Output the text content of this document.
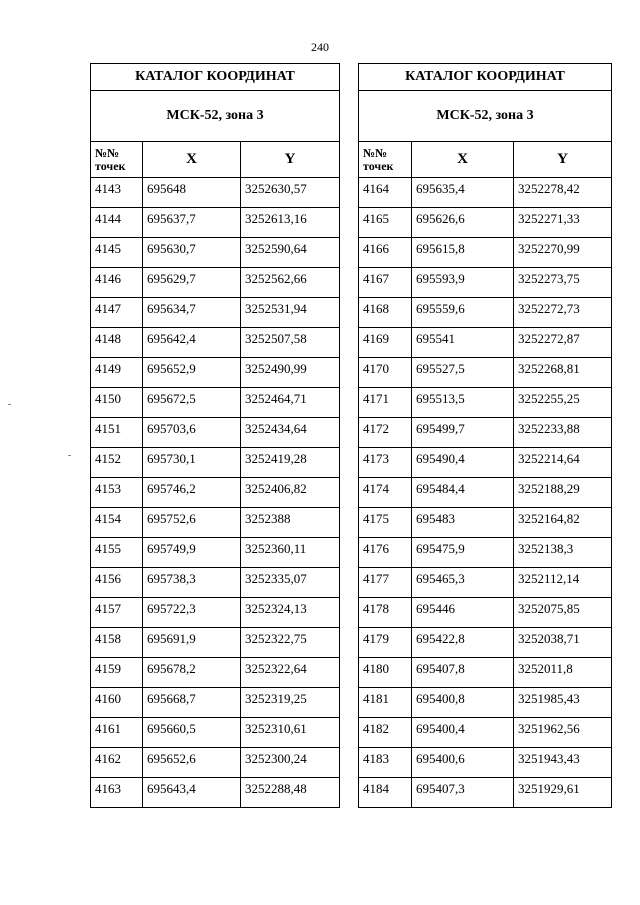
240
КАТАЛОГ КООРДИНАТ		
МСК-52, зона 3		
№№
точек	X	Y
4143	695648	3252630,57
4144	695637,7	3252613,16
4145	695630,7	3252590,64
4146	695629,7	3252562,66
4147	695634,7	3252531,94
4148	695642,4	3252507,58
4149	695652,9	3252490,99
4150	695672,5	3252464,71
4151	695703,6	3252434,64
4152	695730,1	3252419,28
4153	695746,2	3252406,82
4154	695752,6	3252388
4155	695749,9	3252360,11
4156	695738,3	3252335,07
4157	695722,3	3252324,13
4158	695691,9	3252322,75
4159	695678,2	3252322,64
4160	695668,7	3252319,25
4161	695660,5	3252310,61
4162	695652,6	3252300,24
4163	695643,4	3252288,48
КАТАЛОГ КООРДИНАТ		
МСК-52, зона 3		
№№
точек	X	Y
4164	695635,4	3252278,42
4165	695626,6	3252271,33
4166	695615,8	3252270,99
4167	695593,9	3252273,75
4168	695559,6	3252272,73
4169	695541	3252272,87
4170	695527,5	3252268,81
4171	695513,5	3252255,25
4172	695499,7	3252233,88
4173	695490,4	3252214,64
4174	695484,4	3252188,29
4175	695483	3252164,82
4176	695475,9	3252138,3
4177	695465,3	3252112,14
4178	695446	3252075,85
4179	695422,8	3252038,71
4180	695407,8	3252011,8
4181	695400,8	3251985,43
4182	695400,4	3251962,56
4183	695400,6	3251943,43
4184	695407,3	3251929,61
